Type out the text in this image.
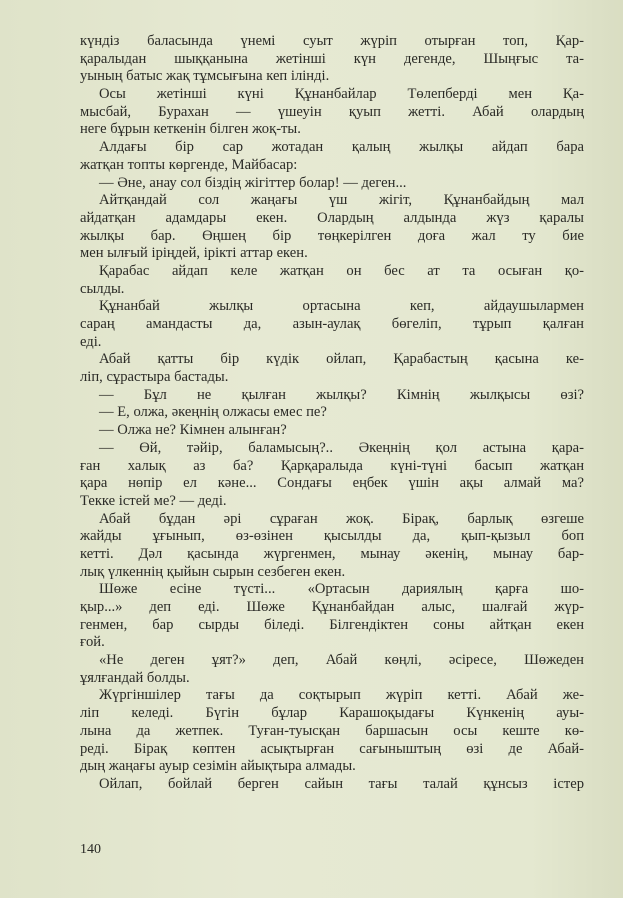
күндіз баласында үнемі суыт жүріп отырған топ, Қар-
қаралыдан шыққанына жетінші күн дегенде, Шыңғыс та-
уының батыс жақ тұмсығына кеп ілінді.
Осы жетінші күні Құнанбайлар Төлепберді мен Қа-
мысбай, Бурахан — үшеуін қуып жетті. Абай олардың
неге бұрын кеткенін білген жоқ-ты.
Алдағы бір сар жотадан қалың жылқы айдап бара
жатқан топты көргенде, Майбасар:
— Әне, анау сол біздің жігіттер болар! — деген...
Айтқандай сол жаңағы үш жігіт, Құнанбайдың мал
айдатқан адамдары екен. Олардың алдында жүз қаралы
жылқы бар. Өңшең бір төңкерілген доға жал ту бие
мен ылғый іріңдей, ірікті аттар екен.
Қарабас айдап келе жатқан он бес ат та осыған қо-
сылды.
Құнанбай жылқы ортасына кеп, айдаушылармен
сараң амандасты да, азын-аулақ бөгеліп, тұрып қалған
еді.
Абай қатты бір күдік ойлап, Қарабастың қасына ке-
ліп, сұрастыра бастады.
— Бұл не қылған жылқы? Кімнің жылқысы өзі?
— Е, олжа, әкеңнің олжасы емес пе?
— Олжа не? Кімнен алынған?
— Өй, тәйір, баламысың?.. Әкеңнің қол астына қара-
ған халық аз ба? Қарқаралыда күні-түні басып жатқан
қара нөпір ел кәне... Сондағы еңбек үшін ақы алмай ма?
Текке істей ме? — деді.
Абай бұдан әрі сұраған жоқ. Бірақ, барлық өзгеше
жайды ұғынып, өз-өзінен қысылды да, қып-қызыл боп
кетті. Дәл қасында жүргенмен, мынау әкенің, мынау бар-
лық үлкеннің қыйын сырын сезбеген екен.
Шөже есіне түсті... «Ортасын дариялың қарға шо-
қыр...» деп еді. Шөже Құнанбайдан алыс, шалғай жүр-
генмен, бар сырды біледі. Білгендіктен соны айтқан екен
ғой.
«Не деген ұят?» деп, Абай көңлі, әсіресе, Шөжеден
ұялғандай болды.
Жүргіншілер тағы да соқтырып жүріп кетті. Абай же-
ліп келеді. Бүгін бұлар Карашоқыдағы Күнкенің ауы-
лына да жетпек. Туған-туысқан баршасын осы кеште кө-
реді. Бірақ көптен асықтырған сағыныштың өзі де Абай-
дың жаңағы ауыр сезімін айықтыра алмады.
Ойлап, бойлай берген сайын тағы талай құнсыз істер
140
